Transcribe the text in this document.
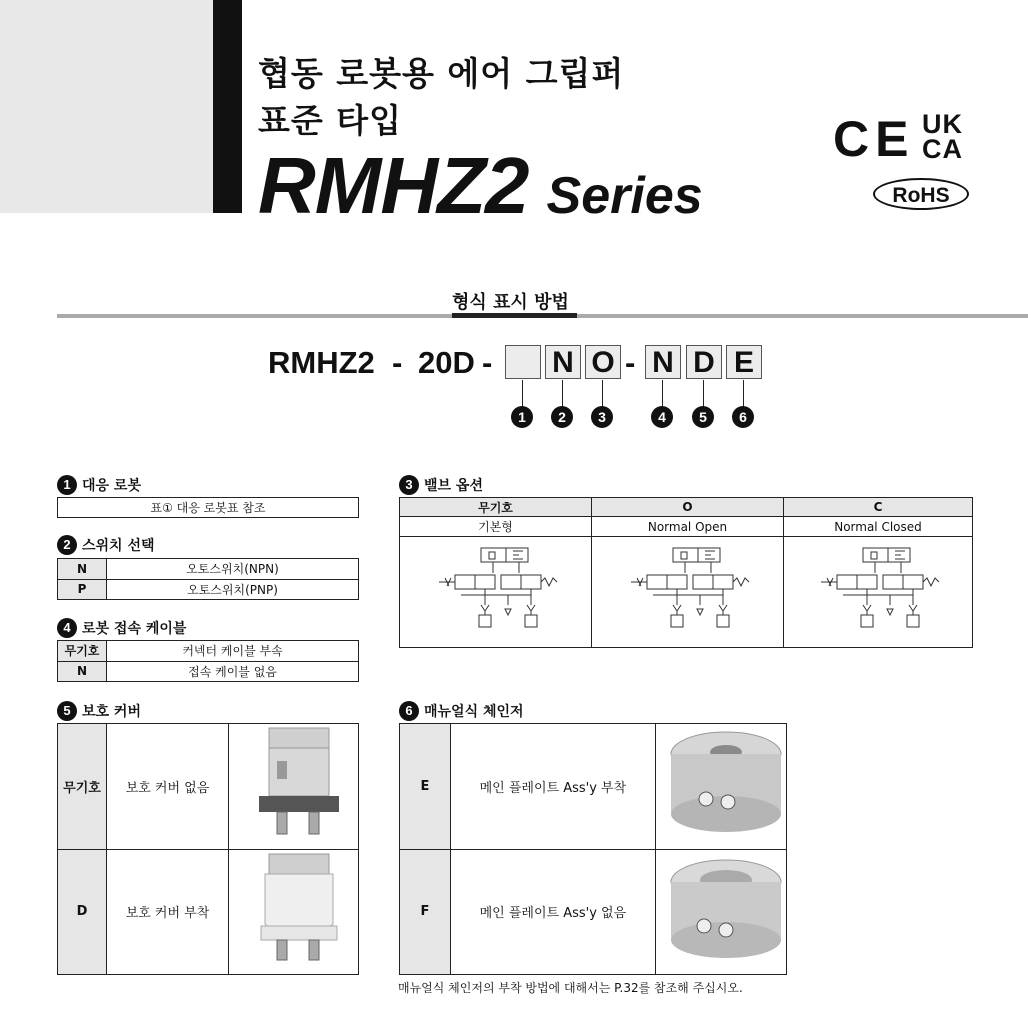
협동 로봇용 에어 그립퍼
표준 타입
RMHZ2 Series
CE UK
CA
RoHS
형식 표시 방법
RMHZ2 - 20D - N O - N D E
1	2	3	4	5	6
1 대응 로봇
표① 대응 로봇표 참조
2 스위치 선택
N	오토스위치(NPN)
P	오토스위치(PNP)
4 로봇 접속 케이블
무기호	커넥터 케이블 부속
N	접속 케이블 없음
3 밸브 옵션
무기호	O	C
기본형	Normal Open	Normal Closed

5 보호 커버
무기호	보호 커버 없음	
D	보호 커버 부착	
6 매뉴얼식 체인저
E	메인 플레이트 Ass'y 부착	
F	메인 플레이트 Ass'y 없음	
매뉴얼식 체인저의 부착 방법에 대해서는 P.32를 참조해 주십시오.
